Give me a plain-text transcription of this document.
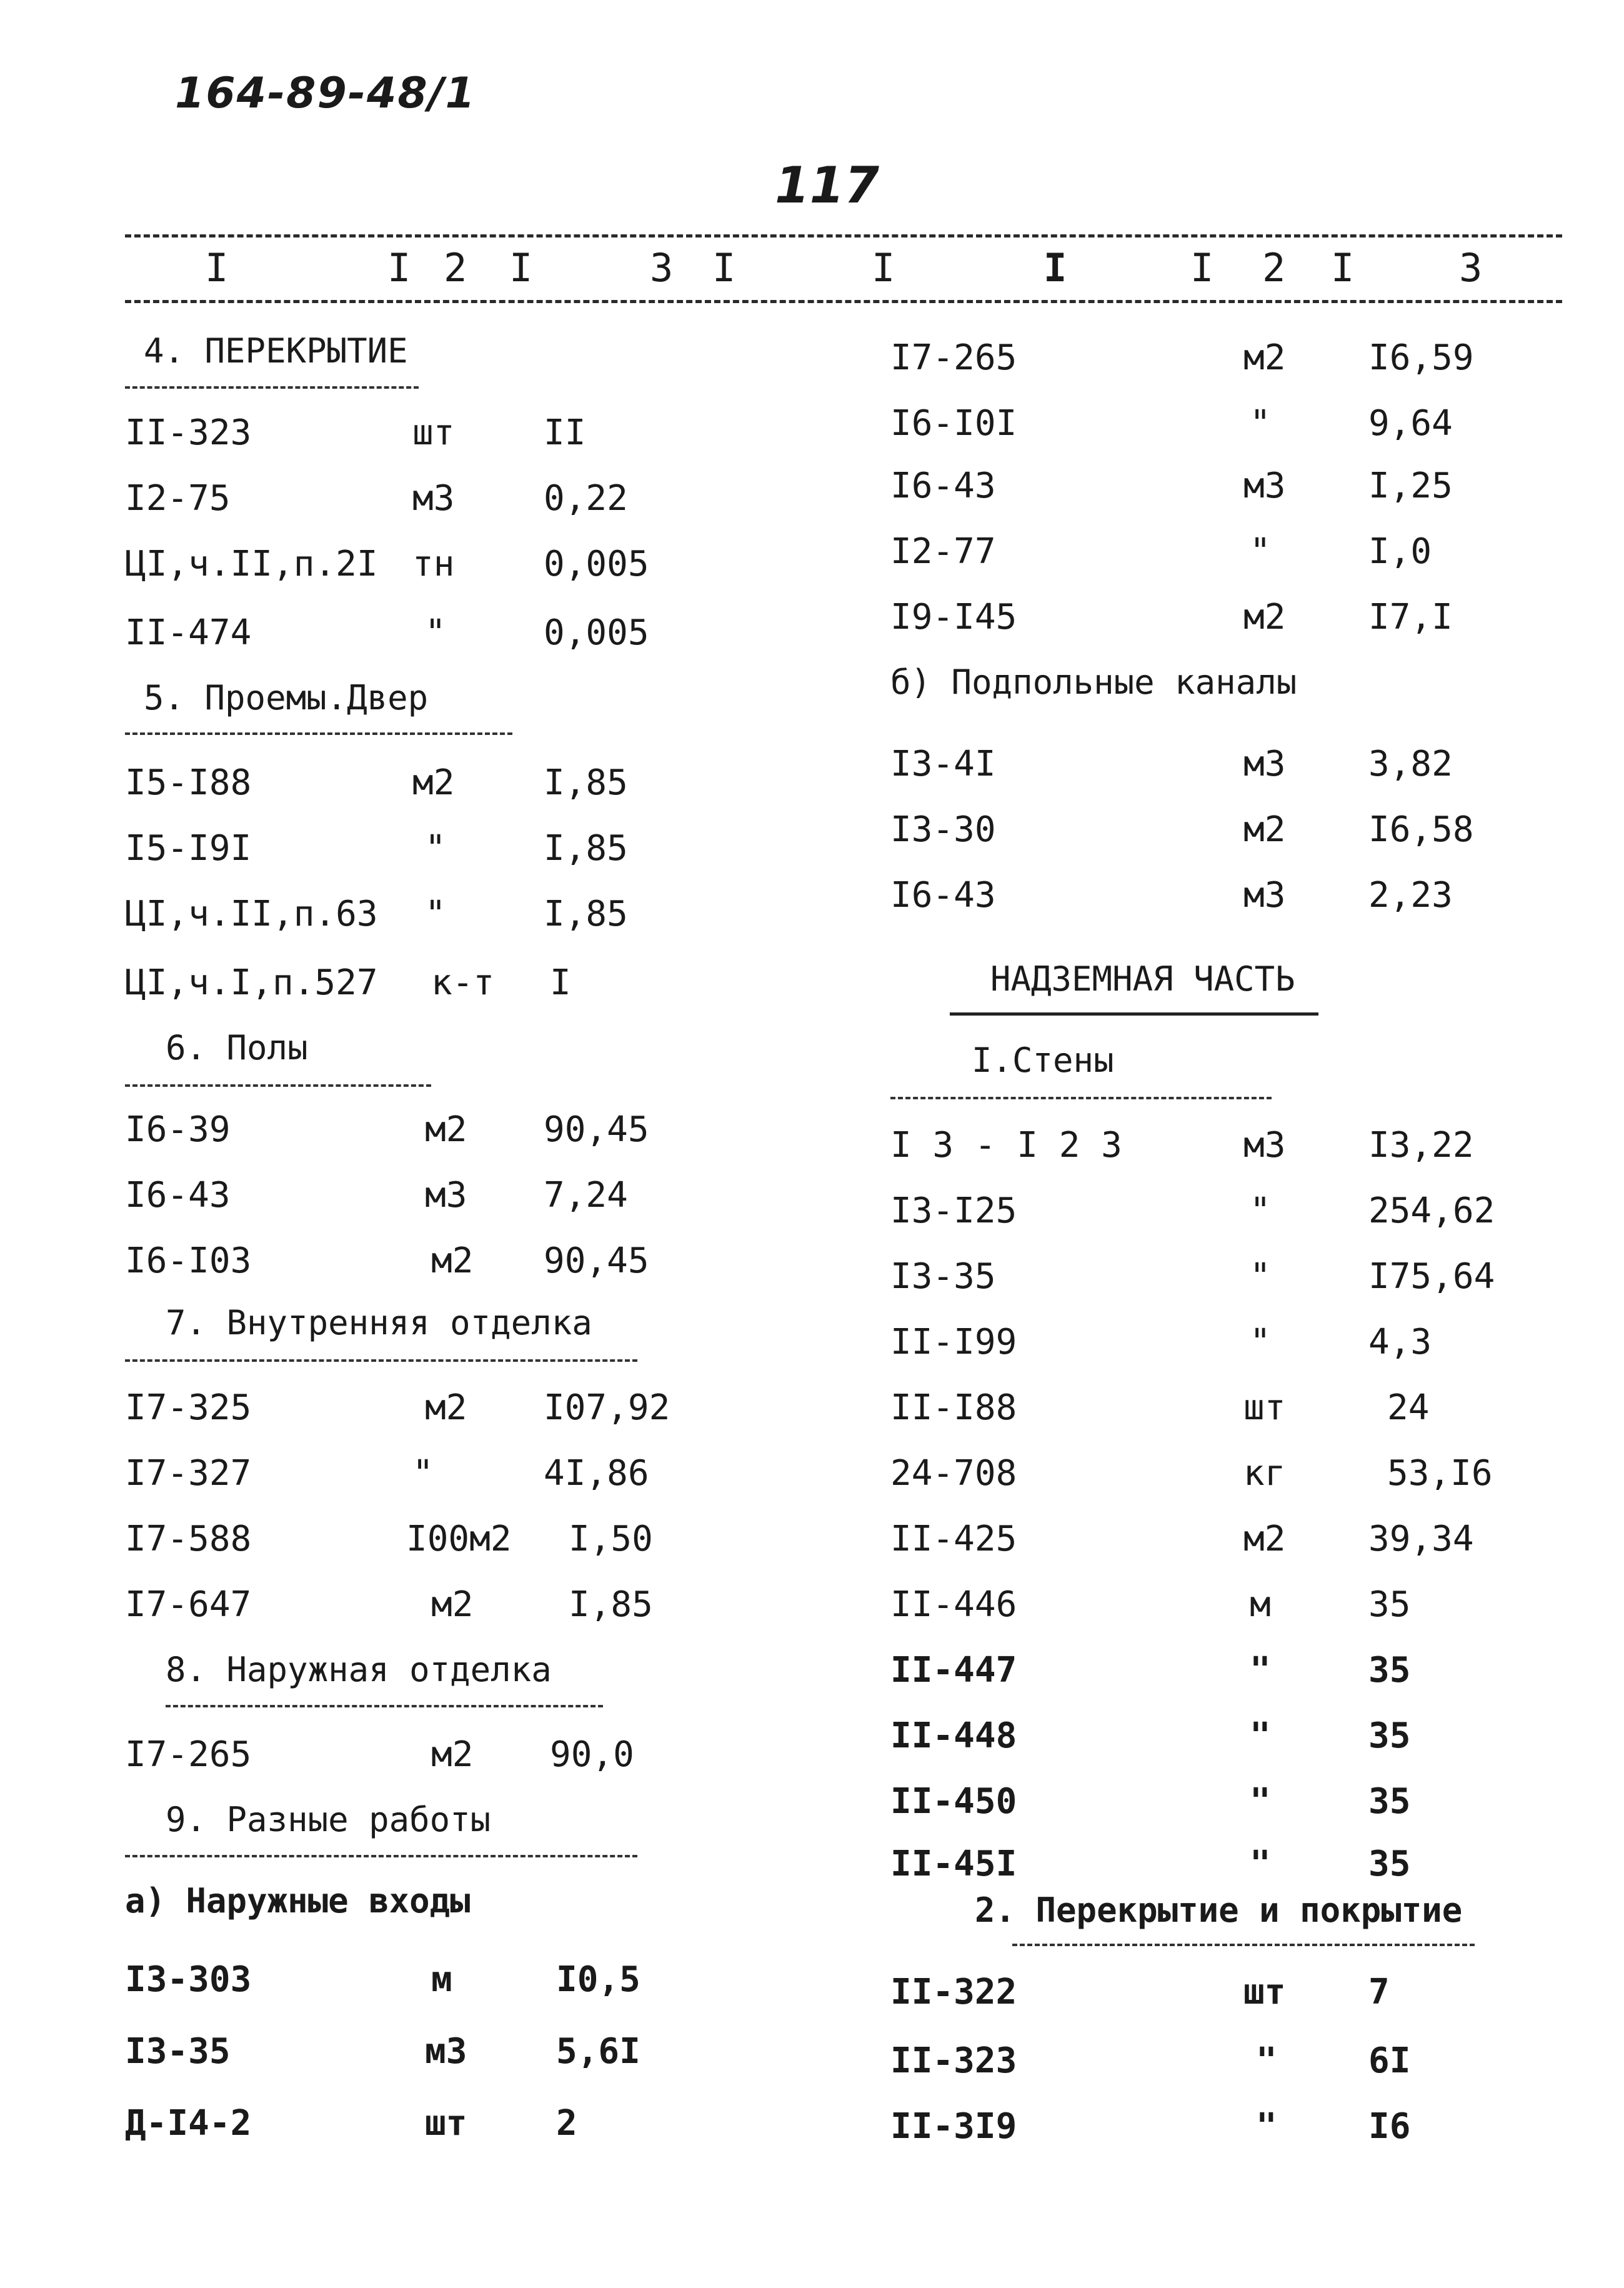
164-89-48/1
117
I	I 2 I	3 I	I	I	I 2 I	3
4. ПЕРЕКРЫТИЕ
II-323	шт	II
I2-75	м3	0,22
ЦI,ч.II,п.2I тн	0,005
II-474	"	0,005
5. Проемы.Двер
I5-I88	м2	I,85
I5-I9I	"	I,85
ЦI,ч.II,п.63 "	I,85
ЦI,ч.I,п.527 к-т I
6. Полы
I6-39	м2 90,45
I6-43	м3 7,24
I6-I03	м2 90,45
7. Внутренняя отделка
I7-325	м2 I07,92
I7-327	"	4I,86
I7-588	I00м2 I,50
I7-647	м2	I,85
8. Наружная отделка
I7-265	м2 90,0
9. Разные работы
а) Наружные входы
I3-303	м	I0,5
I3-35	м3	5,6I
Д-I4-2	шт	2
I7-265	м2 I6,59
I6-I0I	"	9,64
I6-43	м3 I,25
I2-77	"	I,0
I9-I45	м2 I7,I
б) Подпольные каналы
I3-4I	м3 3,82
I3-30	м2 I6,58
I6-43	м3 2,23
НАДЗЕМНАЯ ЧАСТЬ
I.Стены
I 3 - I 2 3	м3 I3,22
I3-I25	"	254,62
I3-35	"	I75,64
II-I99	"	4,3
II-I88	шт	24
24-708	кг	53,I6
II-425	м2 39,34
II-446	м	35
II-447	"	35
II-448	"	35
II-450	"	35
II-45I	"	35
2. Перекрытие и покрытие
II-322	шт 7
II-323	"	6I
II-3I9	"	I6
